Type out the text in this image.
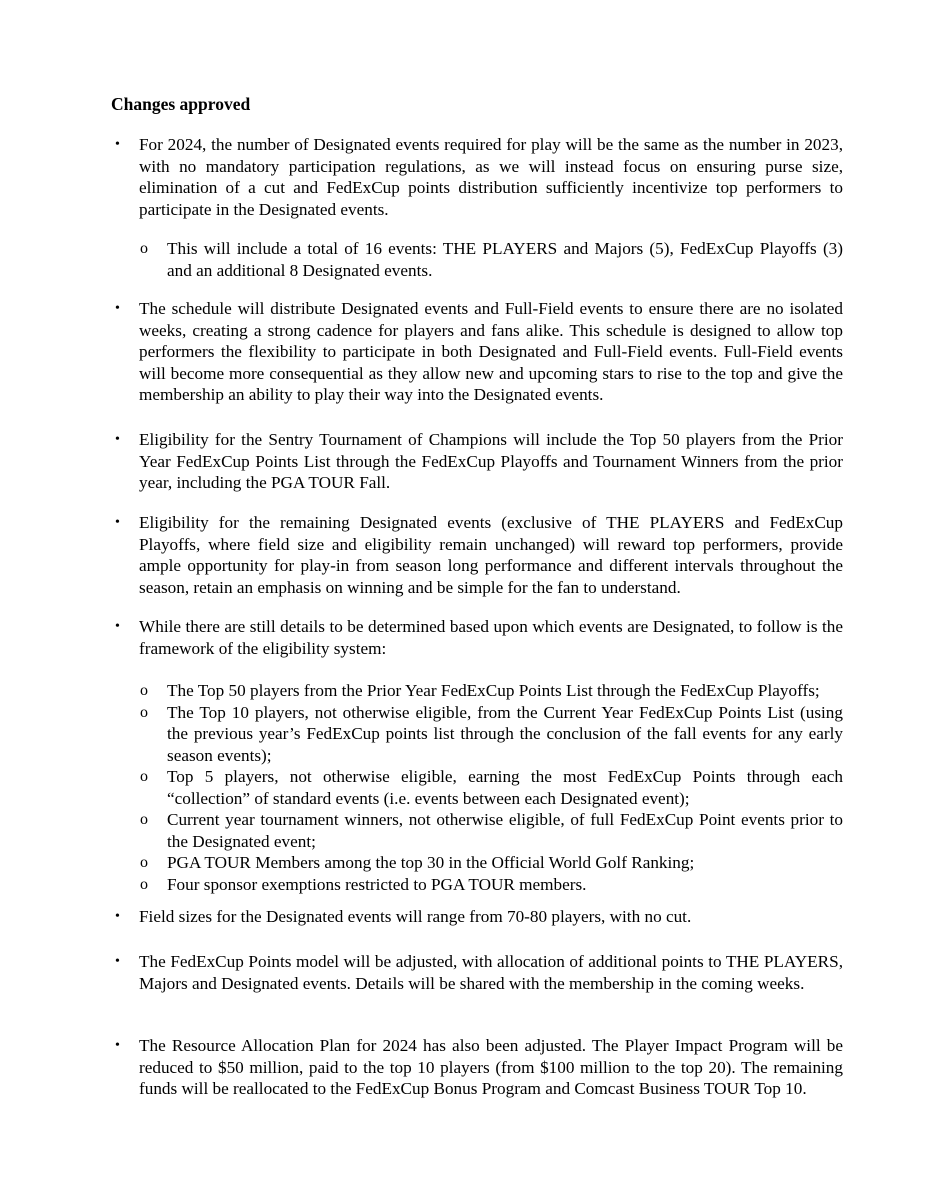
Changes approved
• For 2024, the number of Designated events required for play will be the same as the number in 2023, with no mandatory participation regulations, as we will instead focus on ensuring purse size, elimination of a cut and FedExCup points distribution sufficiently incentivize top performers to participate in the Designated events.
o This will include a total of 16 events: THE PLAYERS and Majors (5), FedExCup Playoffs (3) and an additional 8 Designated events.
• The schedule will distribute Designated events and Full-Field events to ensure there are no isolated weeks, creating a strong cadence for players and fans alike. This schedule is designed to allow top performers the flexibility to participate in both Designated and Full-Field events. Full-Field events will become more consequential as they allow new and upcoming stars to rise to the top and give the membership an ability to play their way into the Designated events.
• Eligibility for the Sentry Tournament of Champions will include the Top 50 players from the Prior Year FedExCup Points List through the FedExCup Playoffs and Tournament Winners from the prior year, including the PGA TOUR Fall.
• Eligibility for the remaining Designated events (exclusive of THE PLAYERS and FedExCup Playoffs, where field size and eligibility remain unchanged) will reward top performers, provide ample opportunity for play-in from season long performance and different intervals throughout the season, retain an emphasis on winning and be simple for the fan to understand.
• While there are still details to be determined based upon which events are Designated, to follow is the framework of the eligibility system:
o The Top 50 players from the Prior Year FedExCup Points List through the FedExCup Playoffs;
o The Top 10 players, not otherwise eligible, from the Current Year FedExCup Points List (using the previous year’s FedExCup points list through the conclusion of the fall events for any early season events);
o Top 5 players, not otherwise eligible, earning the most FedExCup Points through each “collection” of standard events (i.e. events between each Designated event);
o Current year tournament winners, not otherwise eligible, of full FedExCup Point events prior to the Designated event;
o PGA TOUR Members among the top 30 in the Official World Golf Ranking;
o Four sponsor exemptions restricted to PGA TOUR members.
• Field sizes for the Designated events will range from 70-80 players, with no cut.
• The FedExCup Points model will be adjusted, with allocation of additional points to THE PLAYERS, Majors and Designated events. Details will be shared with the membership in the coming weeks.
• The Resource Allocation Plan for 2024 has also been adjusted. The Player Impact Program will be reduced to $50 million, paid to the top 10 players (from $100 million to the top 20). The remaining funds will be reallocated to the FedExCup Bonus Program and Comcast Business TOUR Top 10.
